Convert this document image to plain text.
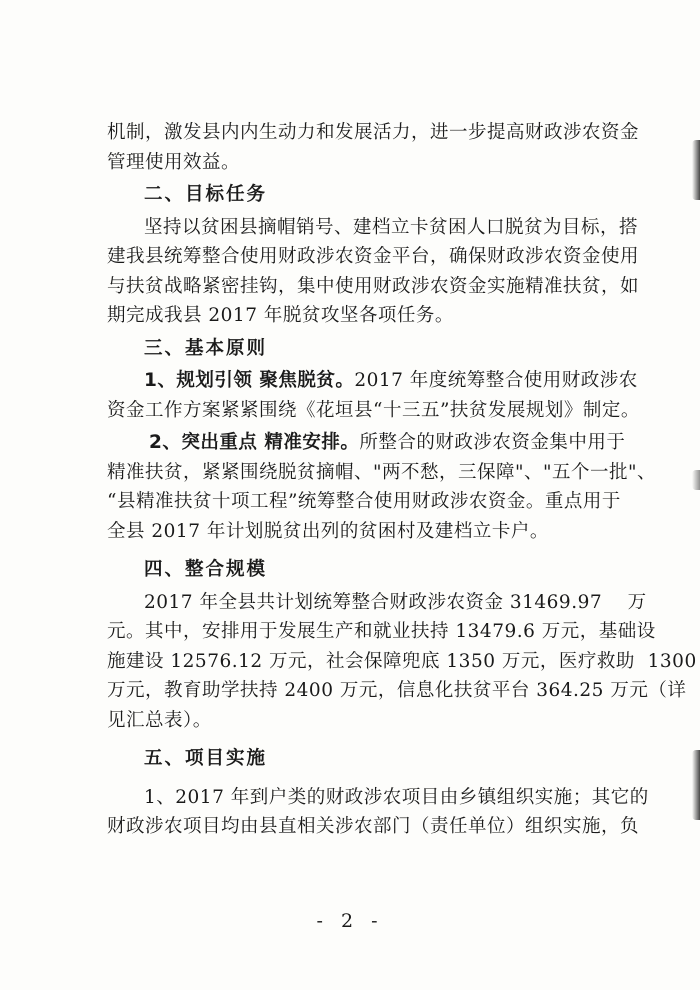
机制，激发县内内生动力和发展活力，进一步提高财政涉农资金
管理使用效益。
二、目标任务
坚持以贫困县摘帽销号、建档立卡贫困人口脱贫为目标，搭
建我县统筹整合使用财政涉农资金平台，确保财政涉农资金使用
与扶贫战略紧密挂钩，集中使用财政涉农资金实施精准扶贫，如
期完成我县 2017 年脱贫攻坚各项任务。
三、基本原则
1、规划引领 聚焦脱贫。2017 年度统筹整合使用财政涉农
资金工作方案紧紧围绕《花垣县“十三五”扶贫发展规划》制定。
2、突出重点 精准安排。所整合的财政涉农资金集中用于
精准扶贫，紧紧围绕脱贫摘帽、"两不愁，三保障"、"五个一批"、
“县精准扶贫十项工程”统筹整合使用财政涉农资金。重点用于
全县 2017 年计划脱贫出列的贫困村及建档立卡户。
四、整合规模
2017 年全县共计划统筹整合财政涉农资金 31469.97    万
元。其中，安排用于发展生产和就业扶持 13479.6 万元，基础设
施建设 12576.12 万元，社会保障兜底 1350 万元，医疗救助  1300
万元，教育助学扶持 2400 万元，信息化扶贫平台 364.25 万元（详
见汇总表）。
五、项目实施
1、2017 年到户类的财政涉农项目由乡镇组织实施；其它的
财政涉农项目均由县直相关涉农部门（责任单位）组织实施，负
- 2 -
